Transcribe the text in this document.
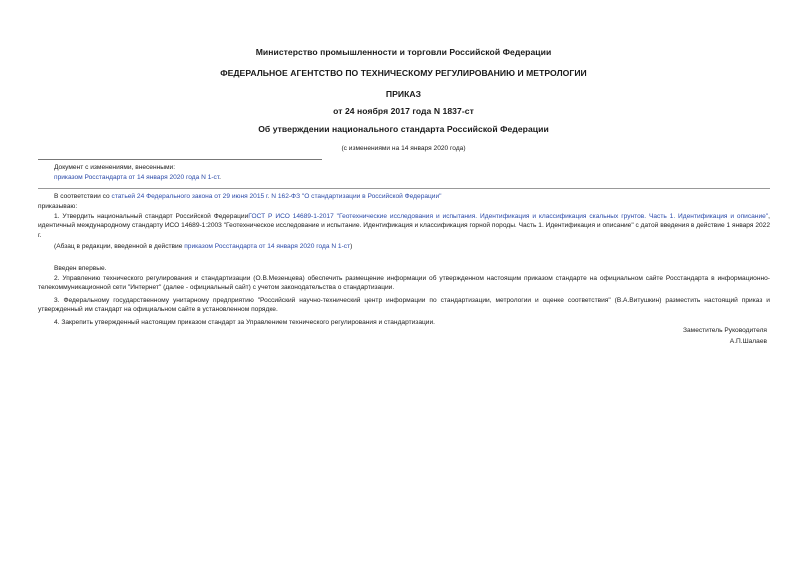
Министерство промышленности и торговли Российской Федерации

ФЕДЕРАЛЬНОЕ АГЕНТСТВО ПО ТЕХНИЧЕСКОМУ РЕГУЛИРОВАНИЮ И МЕТРОЛОГИИ

ПРИКАЗ

от 24 ноября 2017 года N 1837-ст

Об утверждении национального стандарта Российской Федерации

(с изменениями на 14 января 2020 года)

Документ с изменениями, внесенными:

приказом Росстандарта от 14 января 2020 года N 1-ст.

В соответствии со статьей 24 Федерального закона от 29 июня 2015 г. N 162-ФЗ "О стандартизации в Российской Федерации"

приказываю:

1. Утвердить национальный стандарт Российской ФедерацииГОСТ Р ИСО 14689-1-2017 "Геотехнические исследования и испытания. Идентификация и классификация скальных грунтов. Часть 1. Идентификация и описание", идентичный международному стандарту ИСО 14689-1:2003 "Геотехническое исследование и испытание. Идентификация и классификация горной породы. Часть 1. Идентификация и описание" с датой введения в действие 1 января 2022 г.

(Абзац в редакции, введенной в действие приказом Росстандарта от 14 января 2020 года N 1-ст)

Введен впервые.

2. Управлению технического регулирования и стандартизации (О.В.Мезенцева) обеспечить размещение информации об утвержденном настоящим приказом стандарте на официальном сайте Росстандарта в информационно-телекоммуникационной сети "Интернет" (далее - официальный сайт) с учетом законодательства о стандартизации.

3. Федеральному государственному унитарному предприятию "Российский научно-технический центр информации по стандартизации, метрологии и оценке соответствия" (В.А.Витушкин) разместить настоящий приказ и утвержденный им стандарт на официальном сайте в установленном порядке.

4. Закрепить утвержденный настоящим приказом стандарт за Управлением технического регулирования и стандартизации.

Заместитель Руководителя

А.П.Шалаев
